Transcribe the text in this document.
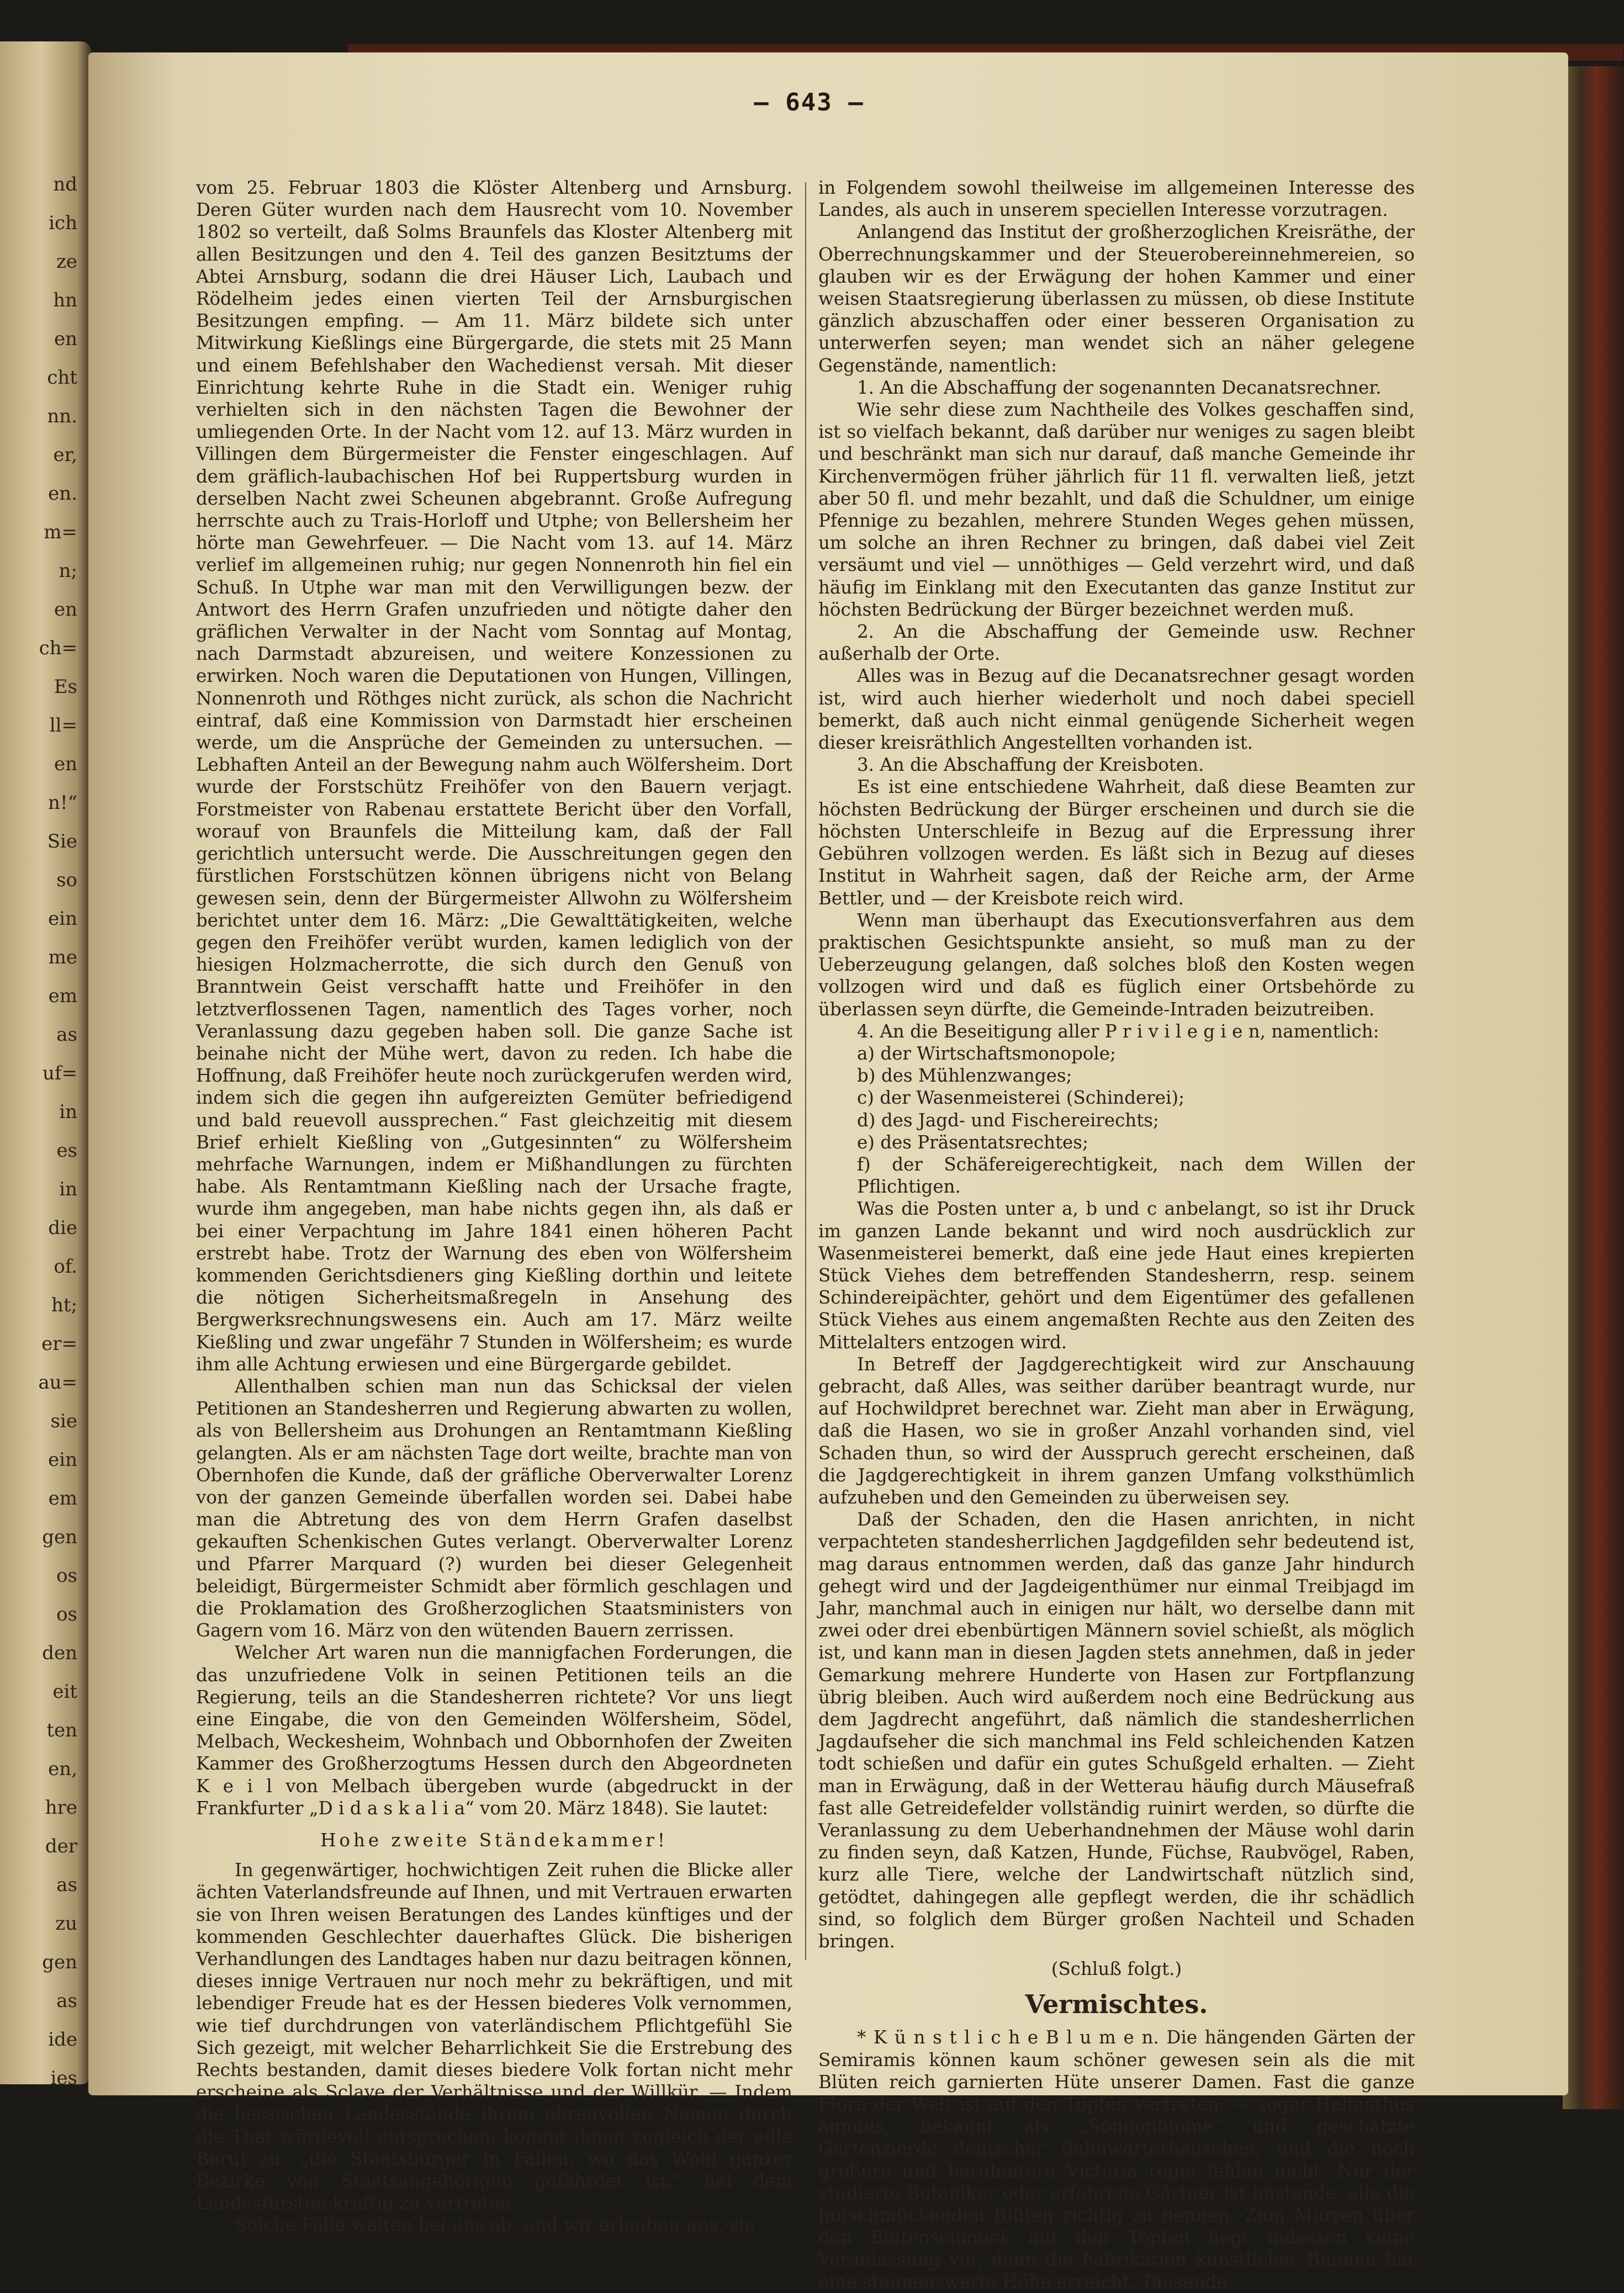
nd
ich
ze
hn
en
cht
nn.
er,
en.
m=
n;
en
ch=
Es
ll=
en
n!“
Sie
so
ein
me
em
as
uf=
in
es
in
die
of.
ht;
er=
au=
sie
ein
em
gen
os
os
den
eit
ten
en,
hre
der
as
zu
gen
as
ide
ies
— 643 —

vom 25. Februar 1803 die Klöster Altenberg und Arnsburg. Deren Güter wurden nach dem Hausrecht vom 10. November 1802 so verteilt, daß Solms Braunfels das Kloster Altenberg mit allen Besitzungen und den 4. Teil des ganzen Besitztums der Abtei Arnsburg, sodann die drei Häuser Lich, Laubach und Rödelheim jedes einen vierten Teil der Arnsburgischen Besitzungen empfing. — Am 11. März bildete sich unter Mitwirkung Kießlings eine Bürgergarde, die stets mit 25 Mann und einem Befehlshaber den Wachedienst versah. Mit dieser Einrichtung kehrte Ruhe in die Stadt ein. Weniger ruhig verhielten sich in den nächsten Tagen die Bewohner der umliegenden Orte. In der Nacht vom 12. auf 13. März wurden in Villingen dem Bürgermeister die Fenster eingeschlagen. Auf dem gräflich-laubachischen Hof bei Ruppertsburg wurden in derselben Nacht zwei Scheunen abgebrannt. Große Aufregung herrschte auch zu Trais-Horloff und Utphe; von Bellersheim her hörte man Gewehrfeuer. — Die Nacht vom 13. auf 14. März verlief im allgemeinen ruhig; nur gegen Nonnenroth hin fiel ein Schuß. In Utphe war man mit den Verwilligungen bezw. der Antwort des Herrn Grafen unzufrieden und nötigte daher den gräflichen Verwalter in der Nacht vom Sonntag auf Montag, nach Darmstadt abzureisen, und weitere Konzessionen zu erwirken. Noch waren die Deputationen von Hungen, Villingen, Nonnenroth und Röthges nicht zurück, als schon die Nachricht eintraf, daß eine Kommission von Darmstadt hier erscheinen werde, um die Ansprüche der Gemeinden zu untersuchen. — Lebhaften Anteil an der Bewegung nahm auch Wölfersheim. Dort wurde der Forstschütz Freihöfer von den Bauern verjagt. Forstmeister von Rabenau erstattete Bericht über den Vorfall, worauf von Braunfels die Mitteilung kam, daß der Fall gerichtlich untersucht werde. Die Ausschreitungen gegen den fürstlichen Forstschützen können übrigens nicht von Belang gewesen sein, denn der Bürgermeister Allwohn zu Wölfersheim berichtet unter dem 16. März: „Die Gewalttätigkeiten, welche gegen den Freihöfer verübt wurden, kamen lediglich von der hiesigen Holzmacherrotte, die sich durch den Genuß von Branntwein Geist verschafft hatte und Freihöfer in den letztverflossenen Tagen, namentlich des Tages vorher, noch Veranlassung dazu gegeben haben soll. Die ganze Sache ist beinahe nicht der Mühe wert, davon zu reden. Ich habe die Hoffnung, daß Freihöfer heute noch zurückgerufen werden wird, indem sich die gegen ihn aufgereizten Gemüter befriedigend und bald reuevoll aussprechen.“ Fast gleichzeitig mit diesem Brief erhielt Kießling von „Gutgesinnten“ zu Wölfersheim mehrfache Warnungen, indem er Mißhandlungen zu fürchten habe. Als Rentamtmann Kießling nach der Ursache fragte, wurde ihm angegeben, man habe nichts gegen ihn, als daß er bei einer Verpachtung im Jahre 1841 einen höheren Pacht erstrebt habe. Trotz der Warnung des eben von Wölfersheim kommenden Gerichtsdieners ging Kießling dorthin und leitete die nötigen Sicherheitsmaßregeln in Ansehung des Bergwerksrechnungswesens ein. Auch am 17. März weilte Kießling und zwar ungefähr 7 Stunden in Wölfersheim; es wurde ihm alle Achtung erwiesen und eine Bürgergarde gebildet.

Allenthalben schien man nun das Schicksal der vielen Petitionen an Standesherren und Regierung abwarten zu wollen, als von Bellersheim aus Drohungen an Rentamtmann Kießling gelangten. Als er am nächsten Tage dort weilte, brachte man von Obernhofen die Kunde, daß der gräfliche Oberverwalter Lorenz von der ganzen Gemeinde überfallen worden sei. Dabei habe man die Abtretung des von dem Herrn Grafen daselbst gekauften Schenkischen Gutes verlangt. Oberverwalter Lorenz und Pfarrer Marquard (?) wurden bei dieser Gelegenheit beleidigt, Bürgermeister Schmidt aber förmlich geschlagen und die Proklamation des Großherzoglichen Staatsministers von Gagern vom 16. März von den wütenden Bauern zerrissen.

Welcher Art waren nun die mannigfachen Forderungen, die das unzufriedene Volk in seinen Petitionen teils an die Regierung, teils an die Standesherren richtete? Vor uns liegt eine Eingabe, die von den Gemeinden Wölfersheim, Södel, Melbach, Weckesheim, Wohnbach und Obbornhofen der Zweiten Kammer des Großherzogtums Hessen durch den Abgeordneten K e i l von Melbach übergeben wurde (abgedruckt in der Frankfurter „D i d a s k a l i a“ vom 20. März 1848). Sie lautet:

Hohe zweite Ständekammer!

In gegenwärtiger, hochwichtigen Zeit ruhen die Blicke aller ächten Vaterlandsfreunde auf Ihnen, und mit Vertrauen erwarten sie von Ihren weisen Beratungen des Landes künftiges und der kommenden Geschlechter dauerhaftes Glück. Die bisherigen Verhandlungen des Landtages haben nur dazu beitragen können, dieses innige Vertrauen nur noch mehr zu bekräftigen, und mit lebendiger Freude hat es der Hessen biederes Volk vernommen, wie tief durchdrungen von vaterländischem Pflichtgefühl Sie Sich gezeigt, mit welcher Beharrlichkeit Sie die Erstrebung des Rechts bestanden, damit dieses biedere Volk fortan nicht mehr erscheine als Sclave der Verhältnisse und der Willkür. — Indem die hessischen Landesstände ihrem ehrenvollen Namen durch die That würdevoll entsprechen, kommt ihnen zugleich der edle Beruf zu: „die Staatsbürger in Fällen, wo das Wohl ganzer Bezirke von Staatsangehörigen gefährdet ist,“ bei dem Landesfürsten kräftig zu vertreten.

Solche Fälle walten bei uns ob, und wir erlauben uns, sie

in Folgendem sowohl theilweise im allgemeinen Interesse des Landes, als auch in unserem speciellen Interesse vorzutragen.

Anlangend das Institut der großherzoglichen Kreisräthe, der Oberrechnungskammer und der Steuerobereinnehmereien, so glauben wir es der Erwägung der hohen Kammer und einer weisen Staatsregierung überlassen zu müssen, ob diese Institute gänzlich abzuschaffen oder einer besseren Organisation zu unterwerfen seyen; man wendet sich an näher gelegene Gegenstände, namentlich:

1. An die Abschaffung der sogenannten Decanatsrechner.

Wie sehr diese zum Nachtheile des Volkes geschaffen sind, ist so vielfach bekannt, daß darüber nur weniges zu sagen bleibt und beschränkt man sich nur darauf, daß manche Gemeinde ihr Kirchenvermögen früher jährlich für 11 fl. verwalten ließ, jetzt aber 50 fl. und mehr bezahlt, und daß die Schuldner, um einige Pfennige zu bezahlen, mehrere Stunden Weges gehen müssen, um solche an ihren Rechner zu bringen, daß dabei viel Zeit versäumt und viel — unnöthiges — Geld verzehrt wird, und daß häufig im Einklang mit den Executanten das ganze Institut zur höchsten Bedrückung der Bürger bezeichnet werden muß.

2. An die Abschaffung der Gemeinde usw. Rechner außerhalb der Orte.

Alles was in Bezug auf die Decanatsrechner gesagt worden ist, wird auch hierher wiederholt und noch dabei speciell bemerkt, daß auch nicht einmal genügende Sicherheit wegen dieser kreisräthlich Angestellten vorhanden ist.

3. An die Abschaffung der Kreisboten.

Es ist eine entschiedene Wahrheit, daß diese Beamten zur höchsten Bedrückung der Bürger erscheinen und durch sie die höchsten Unterschleife in Bezug auf die Erpressung ihrer Gebühren vollzogen werden. Es läßt sich in Bezug auf dieses Institut in Wahrheit sagen, daß der Reiche arm, der Arme Bettler, und — der Kreisbote reich wird.

Wenn man überhaupt das Executionsverfahren aus dem praktischen Gesichtspunkte ansieht, so muß man zu der Ueberzeugung gelangen, daß solches bloß den Kosten wegen vollzogen wird und daß es füglich einer Ortsbehörde zu überlassen seyn dürfte, die Gemeinde-Intraden beizutreiben.

4. An die Beseitigung aller P r i v i l e g i e n, namentlich:

a) der Wirtschaftsmonopole;

b) des Mühlenzwanges;

c) der Wasenmeisterei (Schinderei);

d) des Jagd- und Fischereirechts;

e) des Präsentatsrechtes;

f) der Schäfereigerechtigkeit, nach dem Willen der Pflichtigen.

Was die Posten unter a, b und c anbelangt, so ist ihr Druck im ganzen Lande bekannt und wird noch ausdrücklich zur Wasenmeisterei bemerkt, daß eine jede Haut eines krepierten Stück Viehes dem betreffenden Standesherrn, resp. seinem Schindereipächter, gehört und dem Eigentümer des gefallenen Stück Viehes aus einem angemaßten Rechte aus den Zeiten des Mittelalters entzogen wird.

In Betreff der Jagdgerechtigkeit wird zur Anschauung gebracht, daß Alles, was seither darüber beantragt wurde, nur auf Hochwildpret berechnet war. Zieht man aber in Erwägung, daß die Hasen, wo sie in großer Anzahl vorhanden sind, viel Schaden thun, so wird der Ausspruch gerecht erscheinen, daß die Jagdgerechtigkeit in ihrem ganzen Umfang volksthümlich aufzuheben und den Gemeinden zu überweisen sey.

Daß der Schaden, den die Hasen anrichten, in nicht verpachteten standesherrlichen Jagdgefilden sehr bedeutend ist, mag daraus entnommen werden, daß das ganze Jahr hindurch gehegt wird und der Jagdeigenthümer nur einmal Treibjagd im Jahr, manchmal auch in einigen nur hält, wo derselbe dann mit zwei oder drei ebenbürtigen Männern soviel schießt, als möglich ist, und kann man in diesen Jagden stets annehmen, daß in jeder Gemarkung mehrere Hunderte von Hasen zur Fortpflanzung übrig bleiben. Auch wird außerdem noch eine Bedrückung aus dem Jagdrecht angeführt, daß nämlich die standesherrlichen Jagdaufseher die sich manchmal ins Feld schleichenden Katzen todt schießen und dafür ein gutes Schußgeld erhalten. — Zieht man in Erwägung, daß in der Wetterau häufig durch Mäusefraß fast alle Getreidefelder vollständig ruinirt werden, so dürfte die Veranlassung zu dem Ueberhandnehmen der Mäuse wohl darin zu finden seyn, daß Katzen, Hunde, Füchse, Raubvögel, Raben, kurz alle Tiere, welche der Landwirtschaft nützlich sind, getödtet, dahingegen alle gepflegt werden, die ihr schädlich sind, so folglich dem Bürger großen Nachteil und Schaden bringen.

(Schluß folgt.)

Vermischtes.

* K ü n s t l i c h e B l u m e n. Die hängenden Gärten der Semiramis können kaum schöner gewesen sein als die mit Blüten reich garnierten Hüte unserer Damen. Fast die ganze Flora der Welt ist auf den Töpfen vertreten; — sogar Helianthus annuus, bekannt als „Sonnenblume“ und geschätzte Gartenzierde deutscher Bahnwärterhäuschen, und die noch größere und berühmtere Victoria regia fehlen nicht. Nur der studierte Botaniker oder erfahrene Gärtner ist imstande, alle die hutschmückenden Blüten richtig zu nennen. Zum Murren über den Blütenschmuck auf den Töpfen liegt indessen keine Veranlassung vor, denn die Fabrikation künstlicher Blumen hat eine staunenswerte Höhe erreicht. Tausende
